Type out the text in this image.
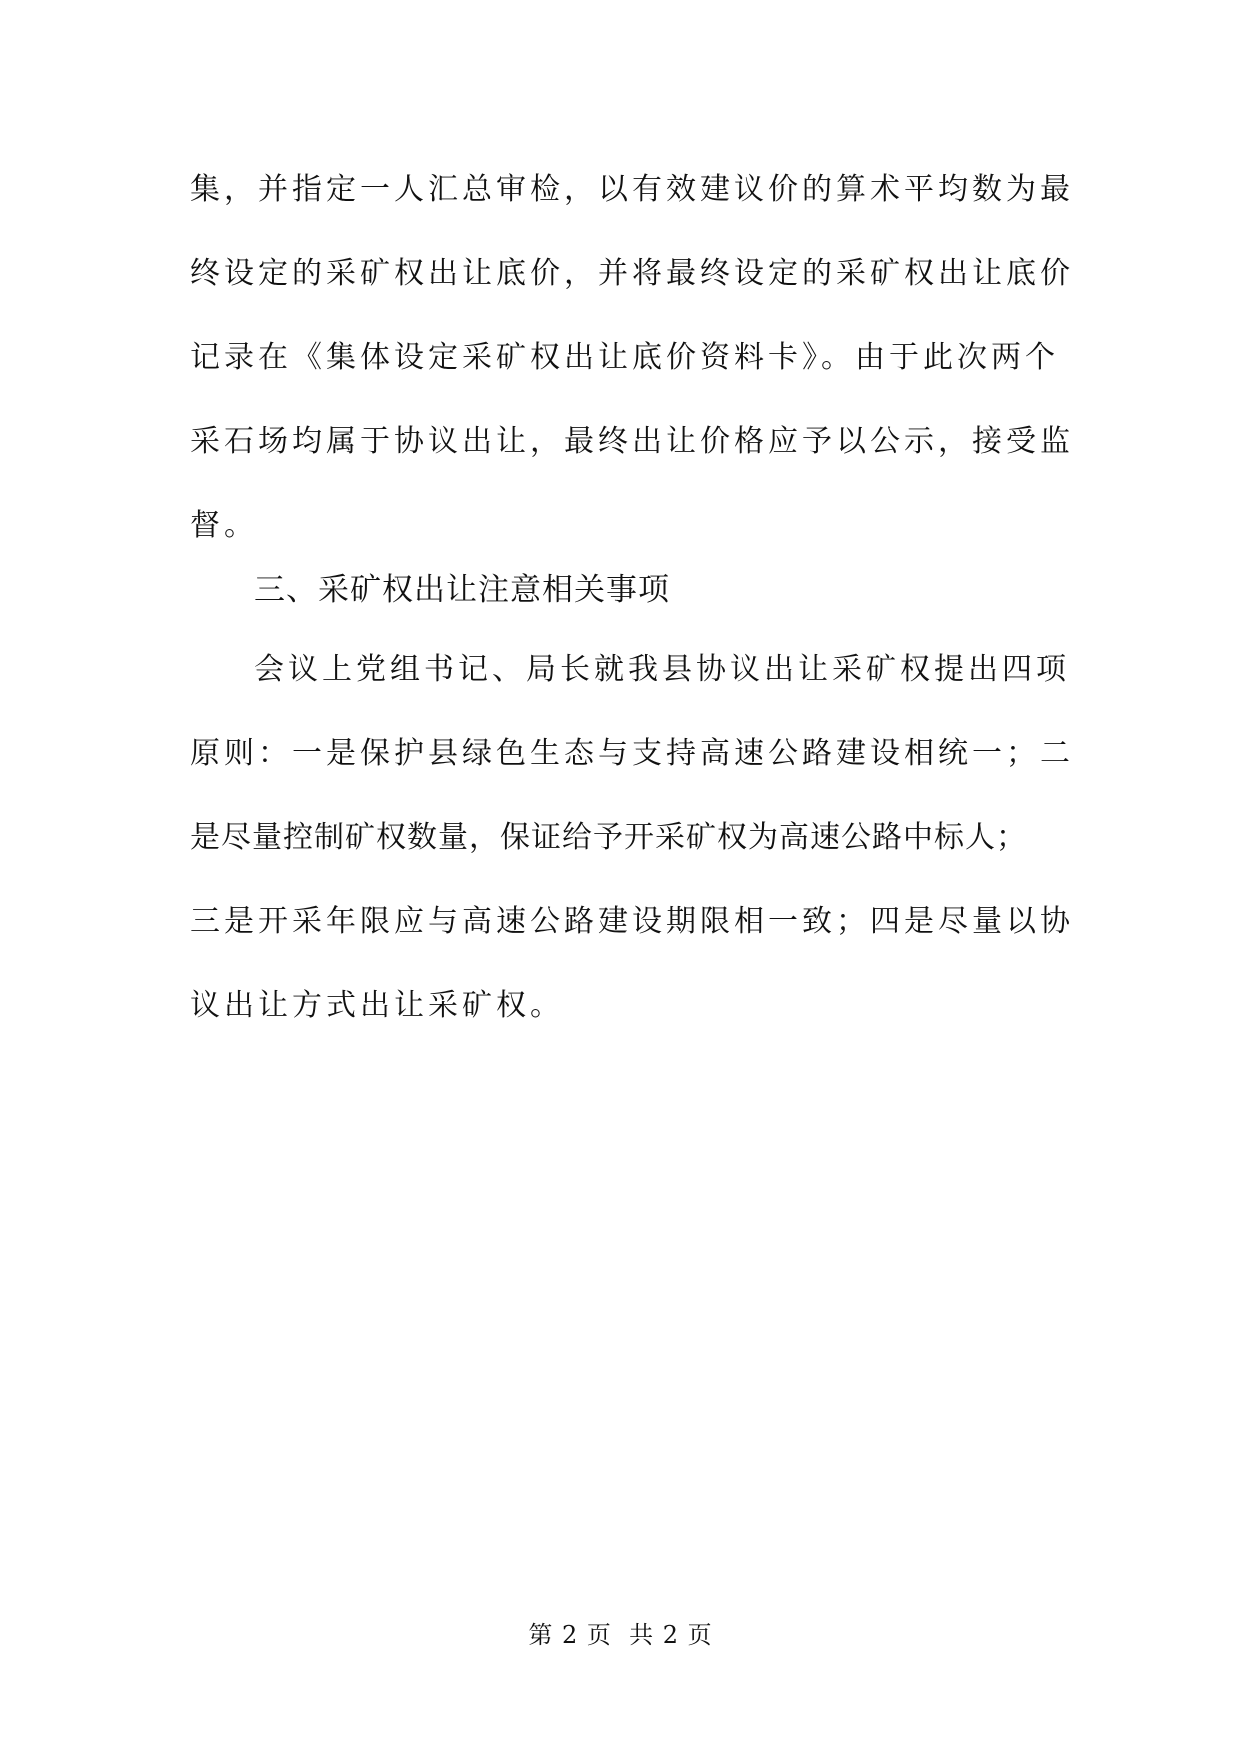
集，并指定一人汇总审检，以有效建议价的算术平均数为最
终设定的采矿权出让底价，并将最终设定的采矿权出让底价
记录在《集体设定采矿权出让底价资料卡》。由于此次两个
采石场均属于协议出让，最终出让价格应予以公示，接受监
督。
三、采矿权出让注意相关事项
　会议上党组书记、局长就我县协议出让采矿权提出四项
原则：一是保护县绿色生态与支持高速公路建设相统一；二
是尽量控制矿权数量，保证给予开采矿权为高速公路中标人；
三是开采年限应与高速公路建设期限相一致；四是尽量以协
议出让方式出让采矿权。
第 2 页  共 2 页
